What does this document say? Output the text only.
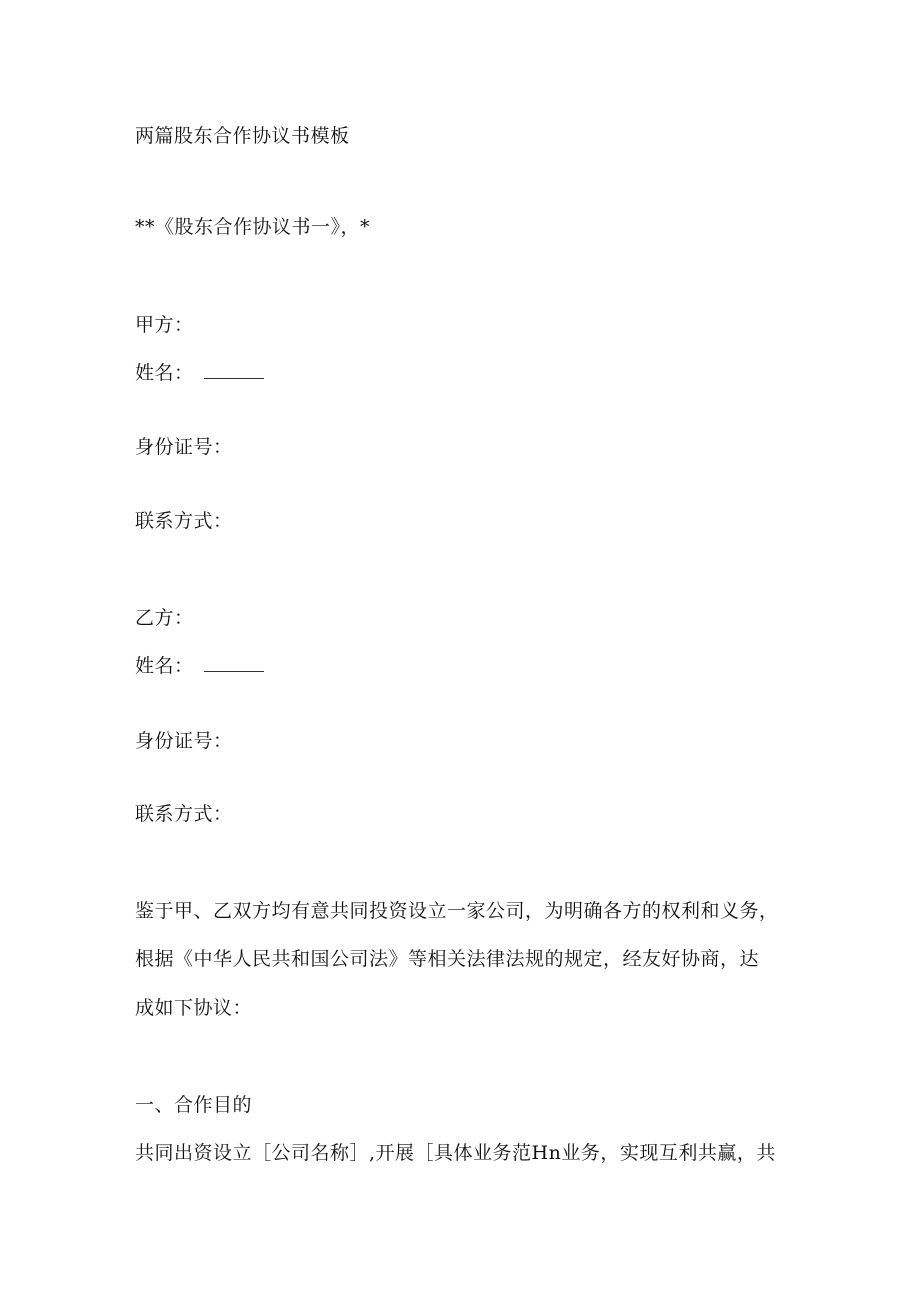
两篇股东合作协议书模板
**《股东合作协议书一》，*
甲方：
姓名：
身份证号：
联系方式：
乙方：
姓名：
身份证号：
联系方式：
鉴于甲、乙双方均有意共同投资设立一家公司，为明确各方的权利和义务，
根据《中华人民共和国公司法》等相关法律法规的规定，经友好协商，达
成如下协议：
一、合作目的
共同出资设立［公司名称］,开展［具体业务范Hn业务，实现互利共赢，共
